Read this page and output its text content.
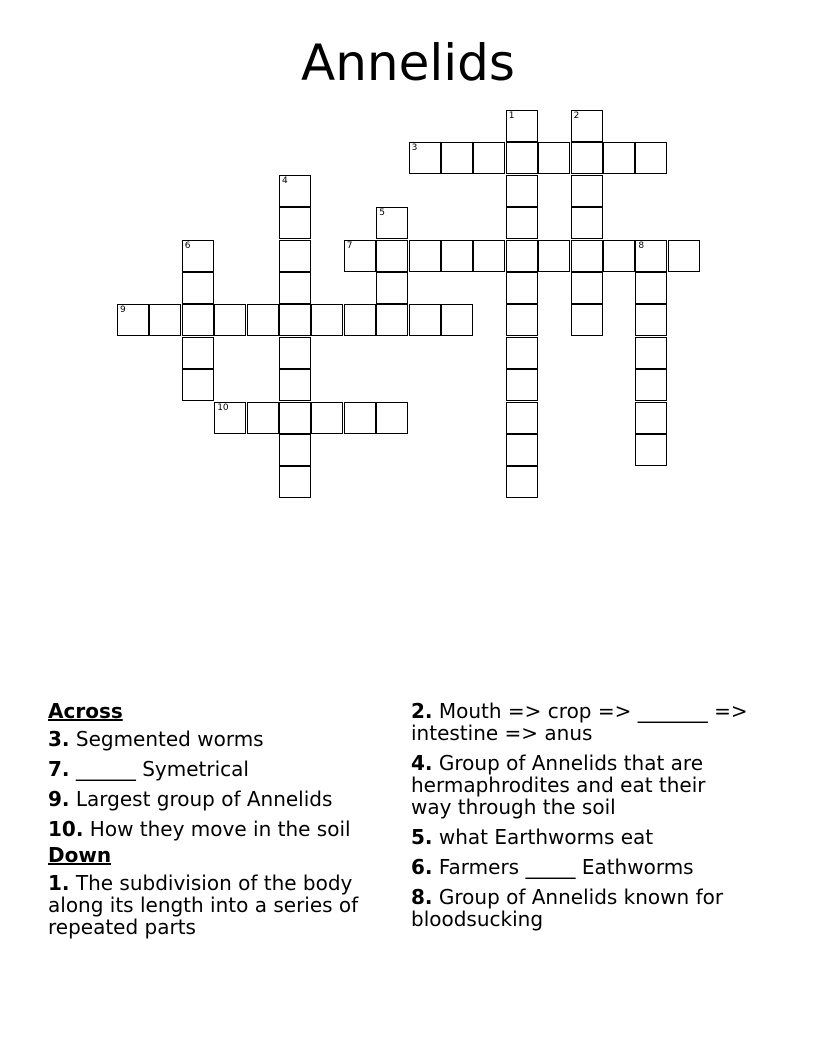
Annelids
1	2
3
4
5
6	7	8
9
10
Across
3. Segmented worms
7. ______ Symetrical
9. Largest group of Annelids
10. How they move in the soil
Down
1. The subdivision of the body along its length into a series of repeated parts
2. Mouth => crop => _______ => intestine => anus
4. Group of Annelids that are hermaphrodites and eat their way through the soil
5. what Earthworms eat
6. Farmers _____ Eathworms
8. Group of Annelids known for bloodsucking
